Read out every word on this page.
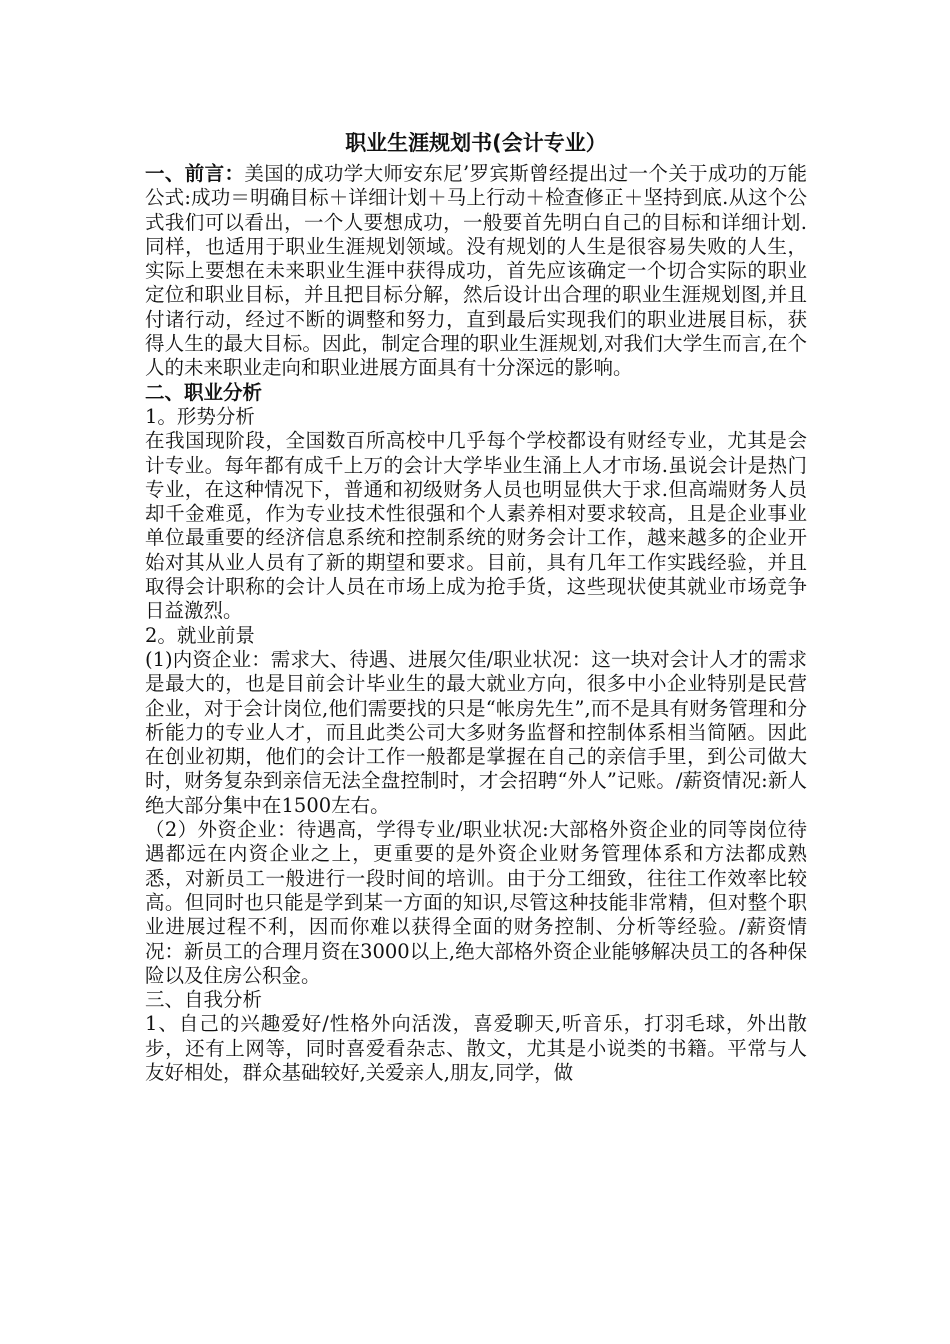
职业生涯规划书(会计专业）

一、前言：美国的成功学大师安东尼’罗宾斯曾经提出过一个关于成功的万能公式:成功＝明确目标＋详细计划＋马上行动＋检查修正＋坚持到底.从这个公式我们可以看出，一个人要想成功，一般要首先明白自己的目标和详细计划.同样，也适用于职业生涯规划领域。没有规划的人生是很容易失败的人生，实际上要想在未来职业生涯中获得成功，首先应该确定一个切合实际的职业定位和职业目标，并且把目标分解，然后设计出合理的职业生涯规划图,并且付诸行动，经过不断的调整和努力，直到最后实现我们的职业进展目标，获得人生的最大目标。因此，制定合理的职业生涯规划,对我们大学生而言,在个人的未来职业走向和职业进展方面具有十分深远的影响。

二、职业分析

1。形势分析

在我国现阶段，全国数百所高校中几乎每个学校都设有财经专业，尤其是会计专业。每年都有成千上万的会计大学毕业生涌上人才市场.虽说会计是热门专业，在这种情况下，普通和初级财务人员也明显供大于求.但高端财务人员却千金难觅，作为专业技术性很强和个人素养相对要求较高，且是企业事业单位最重要的经济信息系统和控制系统的财务会计工作，越来越多的企业开始对其从业人员有了新的期望和要求。目前，具有几年工作实践经验，并且取得会计职称的会计人员在市场上成为抢手货，这些现状使其就业市场竞争日益激烈。

2。就业前景

(1)内资企业：需求大、待遇、进展欠佳/职业状况：这一块对会计人才的需求是最大的，也是目前会计毕业生的最大就业方向，很多中小企业特别是民营企业，对于会计岗位,他们需要找的只是“帐房先生”,而不是具有财务管理和分析能力的专业人才，而且此类公司大多财务监督和控制体系相当简陋。因此在创业初期，他们的会计工作一般都是掌握在自己的亲信手里，到公司做大时，财务复杂到亲信无法全盘控制时，才会招聘“外人”记账。/薪资情况:新人绝大部分集中在1500左右。

（2）外资企业：待遇高，学得专业/职业状况:大部格外资企业的同等岗位待遇都远在内资企业之上，更重要的是外资企业财务管理体系和方法都成熟悉，对新员工一般进行一段时间的培训。由于分工细致，往往工作效率比较高。但同时也只能是学到某一方面的知识,尽管这种技能非常精，但对整个职业进展过程不利，因而你难以获得全面的财务控制、分析等经验。/薪资情况：新员工的合理月资在3000以上,绝大部格外资企业能够解决员工的各种保险以及住房公积金。

三、自我分析

1、自己的兴趣爱好/性格外向活泼，喜爱聊天,听音乐，打羽毛球，外出散步，还有上网等，同时喜爱看杂志、散文，尤其是小说类的书籍。平常与人友好相处，群众基础较好,关爱亲人,朋友,同学，做
